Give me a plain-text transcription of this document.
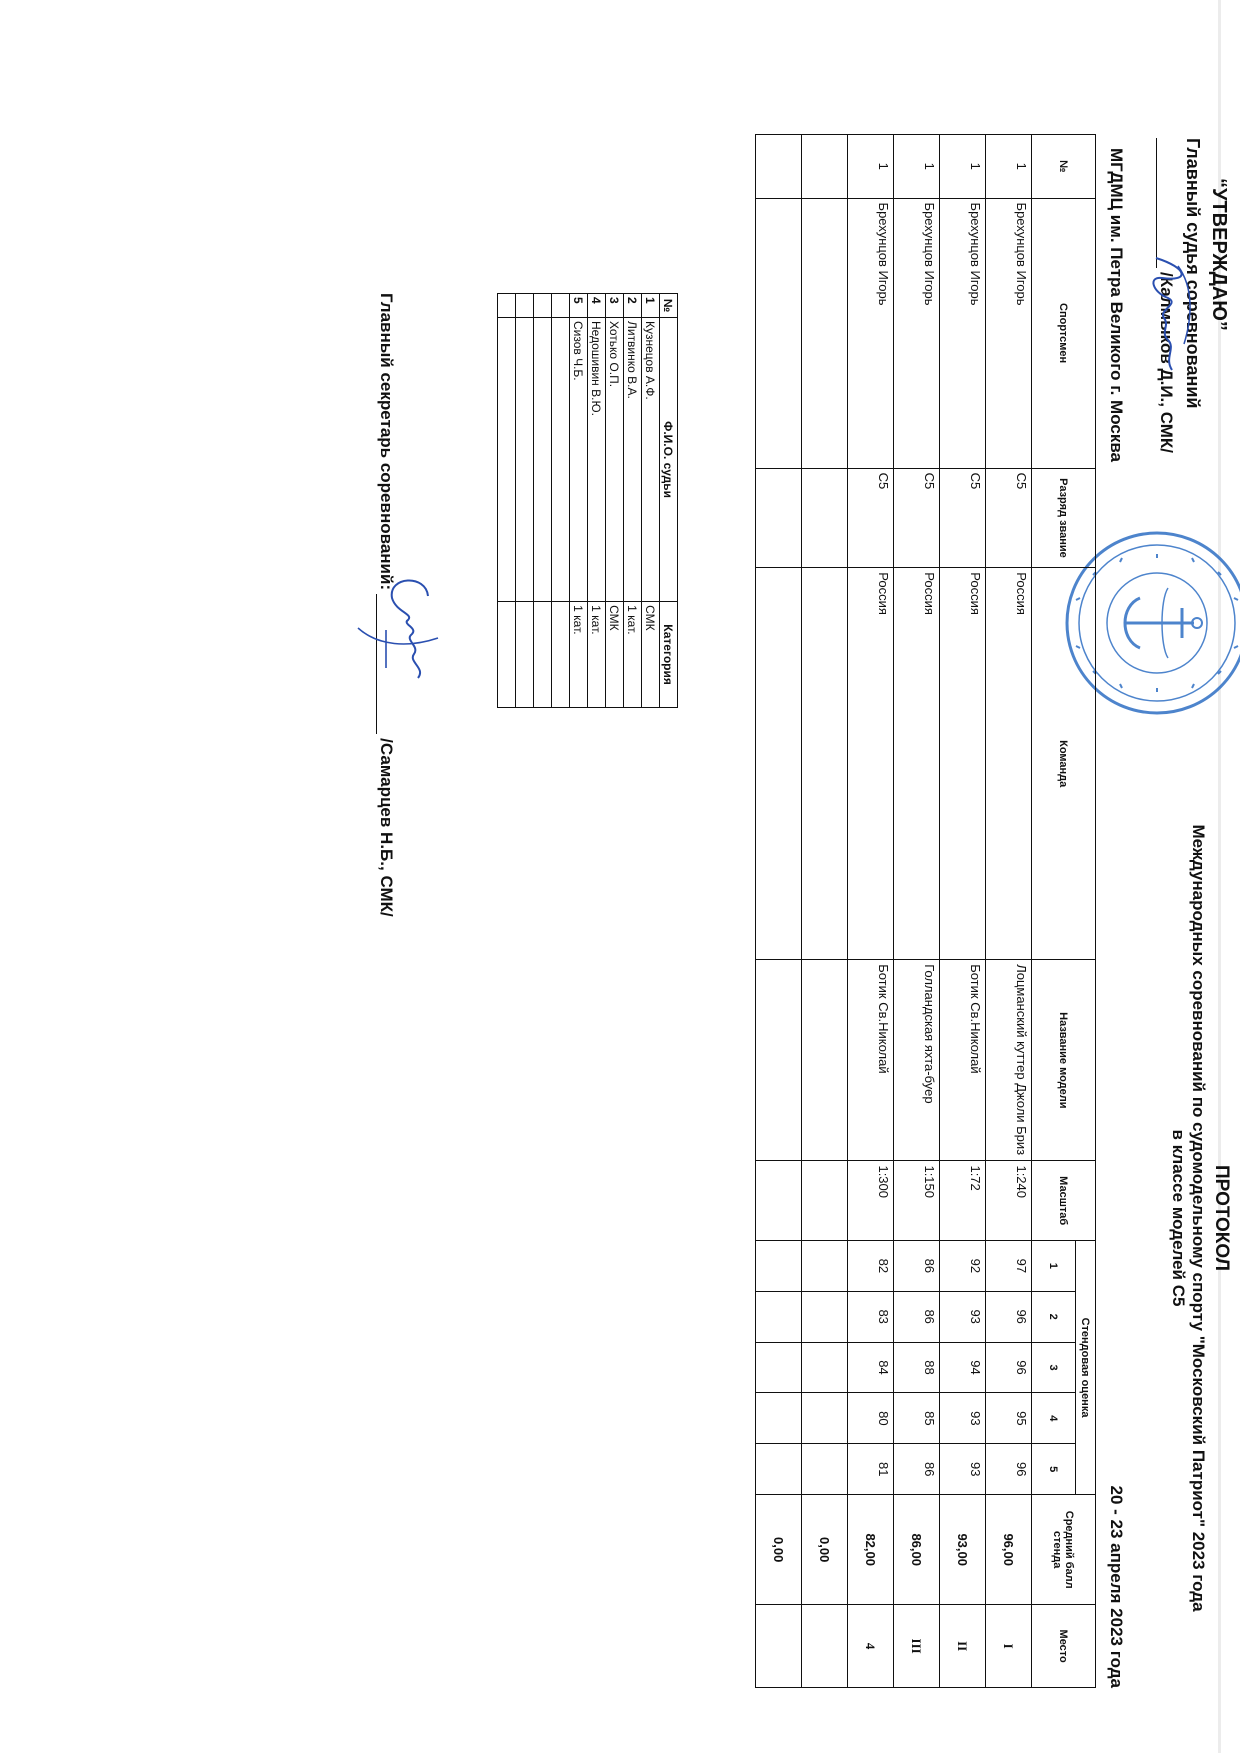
“УТВЕРЖДАЮ”
Главный судья соревнований
/Калмыков Д.И., СМК/
ПРОТОКОЛ
Международных соревнований по судомодельному спорту "Московский Патриот" 2023 года
в классе моделей С5
МГДМЦ им. Петра Великого г. Москва
20 - 23 апреля 2023 года
№	Спортсмен	Разряд звание	Команда	Название модели	Масштаб	Стендовая оценка					Средний балл стенда	Место
						1	2	3	4	5		
1	Брехунцов Игорь	С5	Россия	Лоцманский куттер Джоли Бриз	1:240	97	96	96	95	96	96,00	I
1	Брехунцов Игорь	С5	Россия	Ботик Св.Николай	1:72	92	93	94	93	93	93,00	II
1	Брехунцов Игорь	С5	Россия	Голландская яхта-буер	1:150	86	86	88	85	86	86,00	III
1	Брехунцов Игорь	С5	Россия	Ботик Св.Николай	1:300	82	83	84	80	81	82,00	4
											0,00	
											0,00	
№	Ф.И.О. судьи	Категория
1	Кузнецов А.Ф.	СМК
2	Литвинко В.А.	1 кат.
3	Хотько О.П.	СМК
4	Недошивин В.Ю.	1 кат.
5	Сизов Ч.Б.	1 кат.

Главный секретарь соревнований:
/Самарцев Н.Б., СМК/
